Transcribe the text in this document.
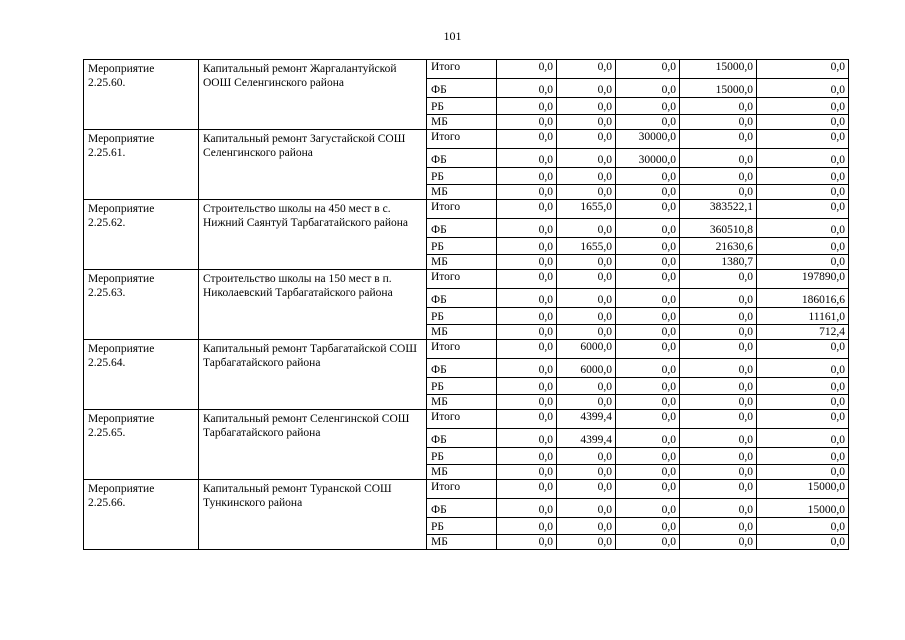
101
Мероприятие 2.25.60.	Капитальный ремонт Жаргалантуйской ООШ Селенгинского района	Итого	0,0	0,0	0,0	15000,0	0,0
		ФБ	0,0	0,0	0,0	15000,0	0,0
		РБ	0,0	0,0	0,0	0,0	0,0
		МБ	0,0	0,0	0,0	0,0	0,0
Мероприятие 2.25.61.	Капитальный ремонт Загустайской СОШ Селенгинского района	Итого	0,0	0,0	30000,0	0,0	0,0
		ФБ	0,0	0,0	30000,0	0,0	0,0
		РБ	0,0	0,0	0,0	0,0	0,0
		МБ	0,0	0,0	0,0	0,0	0,0
Мероприятие 2.25.62.	Строительство школы на 450 мест в с. Нижний Саянтуй Тарбагатайского района	Итого	0,0	1655,0	0,0	383522,1	0,0
		ФБ	0,0	0,0	0,0	360510,8	0,0
		РБ	0,0	1655,0	0,0	21630,6	0,0
		МБ	0,0	0,0	0,0	1380,7	0,0
Мероприятие 2.25.63.	Строительство школы на 150 мест в п. Николаевский Тарбагатайского района	Итого	0,0	0,0	0,0	0,0	197890,0
		ФБ	0,0	0,0	0,0	0,0	186016,6
		РБ	0,0	0,0	0,0	0,0	11161,0
		МБ	0,0	0,0	0,0	0,0	712,4
Мероприятие 2.25.64.	Капитальный ремонт Тарбагатайской СОШ Тарбагатайского района	Итого	0,0	6000,0	0,0	0,0	0,0
		ФБ	0,0	6000,0	0,0	0,0	0,0
		РБ	0,0	0,0	0,0	0,0	0,0
		МБ	0,0	0,0	0,0	0,0	0,0
Мероприятие 2.25.65.	Капитальный ремонт Селенгинской СОШ Тарбагатайского района	Итого	0,0	4399,4	0,0	0,0	0,0
		ФБ	0,0	4399,4	0,0	0,0	0,0
		РБ	0,0	0,0	0,0	0,0	0,0
		МБ	0,0	0,0	0,0	0,0	0,0
Мероприятие 2.25.66.	Капитальный ремонт Туранской СОШ Тункинского района	Итого	0,0	0,0	0,0	0,0	15000,0
		ФБ	0,0	0,0	0,0	0,0	15000,0
		РБ	0,0	0,0	0,0	0,0	0,0
		МБ	0,0	0,0	0,0	0,0	0,0
